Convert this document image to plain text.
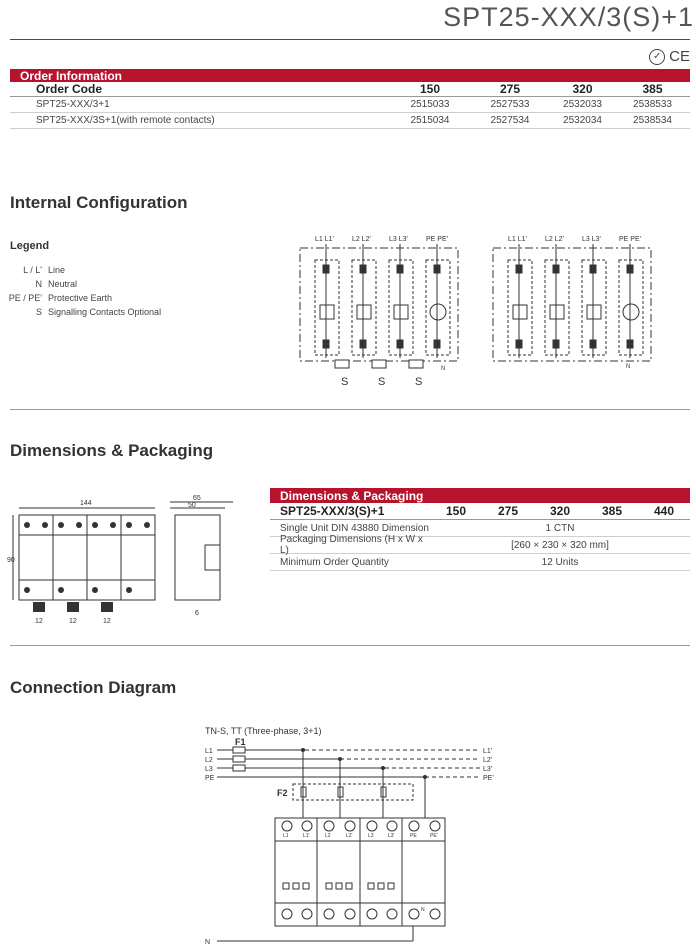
SPT25-XXX/3(S)+1
✓ CE
Order Information
Order Code	150	275	320	385
SPT25-XXX/3+1	2515033	2527533	2532033	2538533
SPT25-XXX/3S+1(with remote contacts)	2515034	2527534	2532034	2538534
Internal Configuration
Legend
L / L' Line
N Neutral
PE / PE' Protective Earth
S Signalling Contacts Optional
L1 L1'	L2 L2'	L3 L3'	PE PE'	L1 L1'	L2 L2'	L3 L3'	PE PE'
S	S	S
N	N
Dimensions & Packaging
144
90
65
50
12	12	12
6
Dimensions & Packaging
SPT25-XXX/3(S)+1	150	275	320	385	440
Single Unit DIN 43880 Dimension	1 CTN
Packaging Dimensions (H x W x L)	[260 × 230 × 320 mm]
Minimum Order Quantity	12 Units
Connection Diagram
TN-S, TT (Three-phase, 3+1)
F1
F2
L1
L2
L3
PE
L1'
L2'
L3'
PE'
L1	L1'	L2	L2'	L3	L3'	PE	PE'
N
N
